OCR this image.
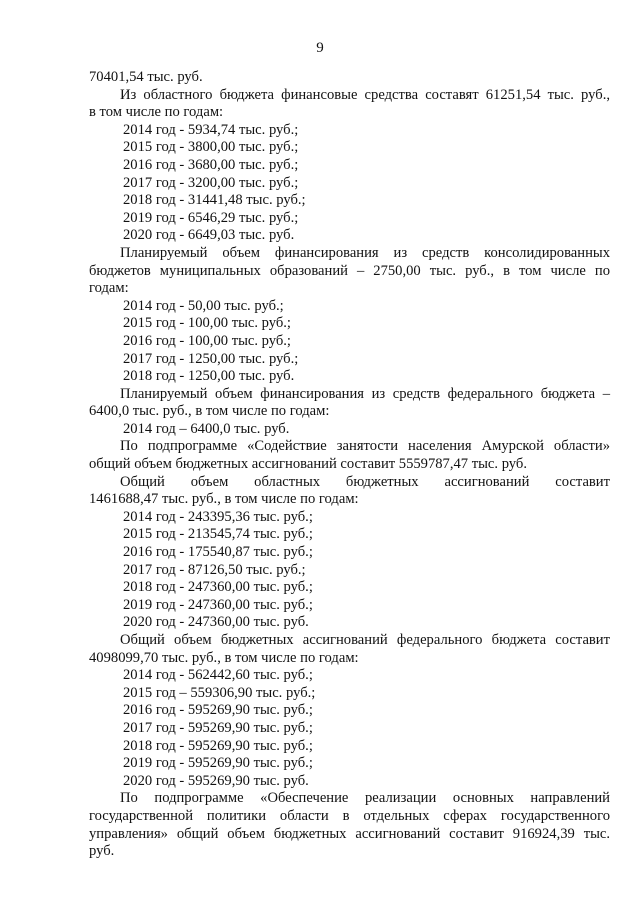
9
70401,54 тыс. руб.
Из областного бюджета финансовые средства составят 61251,54 тыс. руб.,
в том числе по годам:
2014 год - 5934,74 тыс. руб.;
2015 год - 3800,00 тыс. руб.;
2016 год - 3680,00 тыс. руб.;
2017 год - 3200,00 тыс. руб.;
2018 год - 31441,48 тыс. руб.;
2019 год - 6546,29 тыс. руб.;
2020 год - 6649,03 тыс. руб.
Планируемый объем финансирования из средств консолидированных
бюджетов муниципальных образований – 2750,00 тыс. руб., в том числе по
годам:
2014 год - 50,00 тыс. руб.;
2015 год - 100,00 тыс. руб.;
2016 год - 100,00 тыс. руб.;
2017 год - 1250,00 тыс. руб.;
2018 год - 1250,00 тыс. руб.
Планируемый объем финансирования из средств федерального бюджета –
6400,0 тыс. руб., в том числе по годам:
2014 год – 6400,0 тыс. руб.
По подпрограмме «Содействие занятости населения Амурской области»
общий объем бюджетных ассигнований составит 5559787,47 тыс. руб.
Общий объем областных бюджетных ассигнований составит
1461688,47 тыс. руб., в том числе по годам:
2014 год - 243395,36 тыс. руб.;
2015 год - 213545,74 тыс. руб.;
2016 год - 175540,87 тыс. руб.;
2017 год - 87126,50 тыс. руб.;
2018 год - 247360,00 тыс. руб.;
2019 год - 247360,00 тыс. руб.;
2020 год - 247360,00 тыс. руб.
Общий объем бюджетных ассигнований федерального бюджета составит
4098099,70 тыс. руб., в том числе по годам:
2014 год - 562442,60 тыс. руб.;
2015 год – 559306,90 тыс. руб.;
2016 год - 595269,90 тыс. руб.;
2017 год - 595269,90 тыс. руб.;
2018 год - 595269,90 тыс. руб.;
2019 год - 595269,90 тыс. руб.;
2020 год - 595269,90 тыс. руб.
По подпрограмме «Обеспечение реализации основных направлений
государственной политики области в отдельных сферах государственного
управления» общий объем бюджетных ассигнований составит 916924,39 тыс.
руб.
